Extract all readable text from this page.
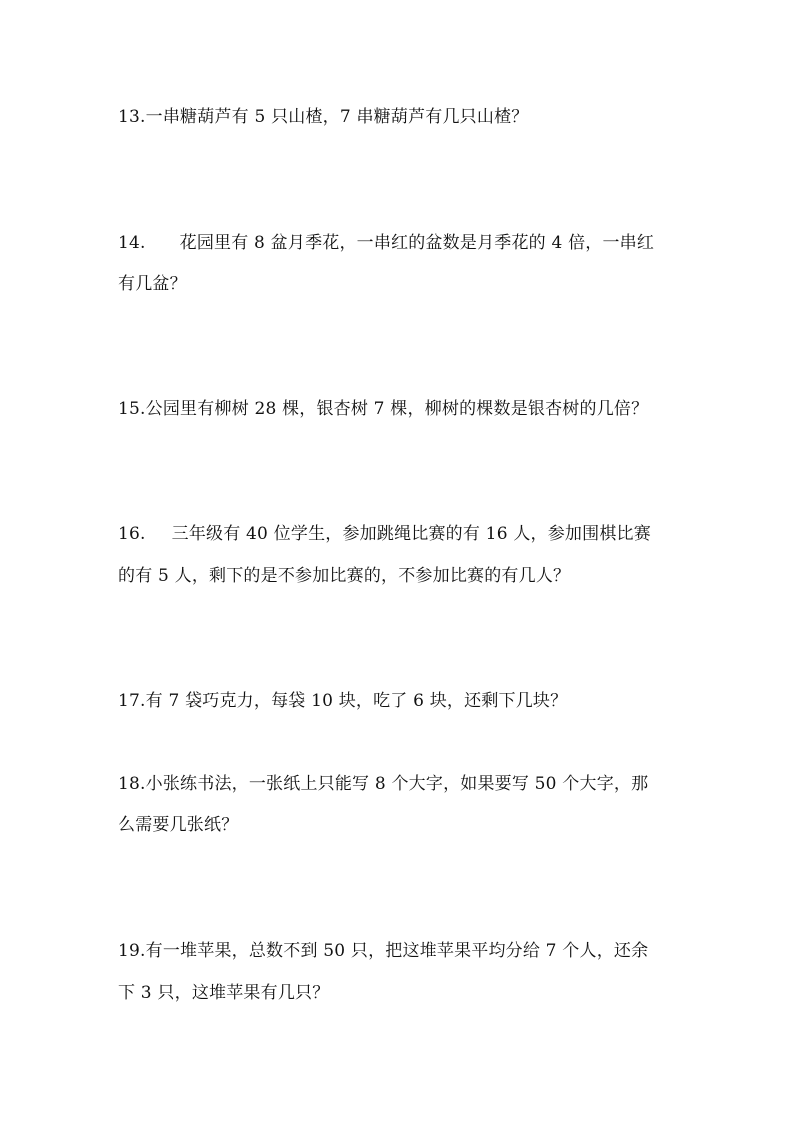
13.一串糖葫芦有 5 只山楂，7 串糖葫芦有几只山楂？
14. 花园里有 8 盆月季花，一串红的盆数是月季花的 4 倍，一串红
有几盆？
15.公园里有柳树 28 棵，银杏树 7 棵，柳树的棵数是银杏树的几倍？
16. 三年级有 40 位学生，参加跳绳比赛的有 16 人，参加围棋比赛
的有 5 人，剩下的是不参加比赛的，不参加比赛的有几人？
17.有 7 袋巧克力，每袋 10 块，吃了 6 块，还剩下几块？
18.小张练书法，一张纸上只能写 8 个大字，如果要写 50 个大字，那
么需要几张纸？
19.有一堆苹果，总数不到 50 只，把这堆苹果平均分给 7 个人，还余
下 3 只，这堆苹果有几只？
